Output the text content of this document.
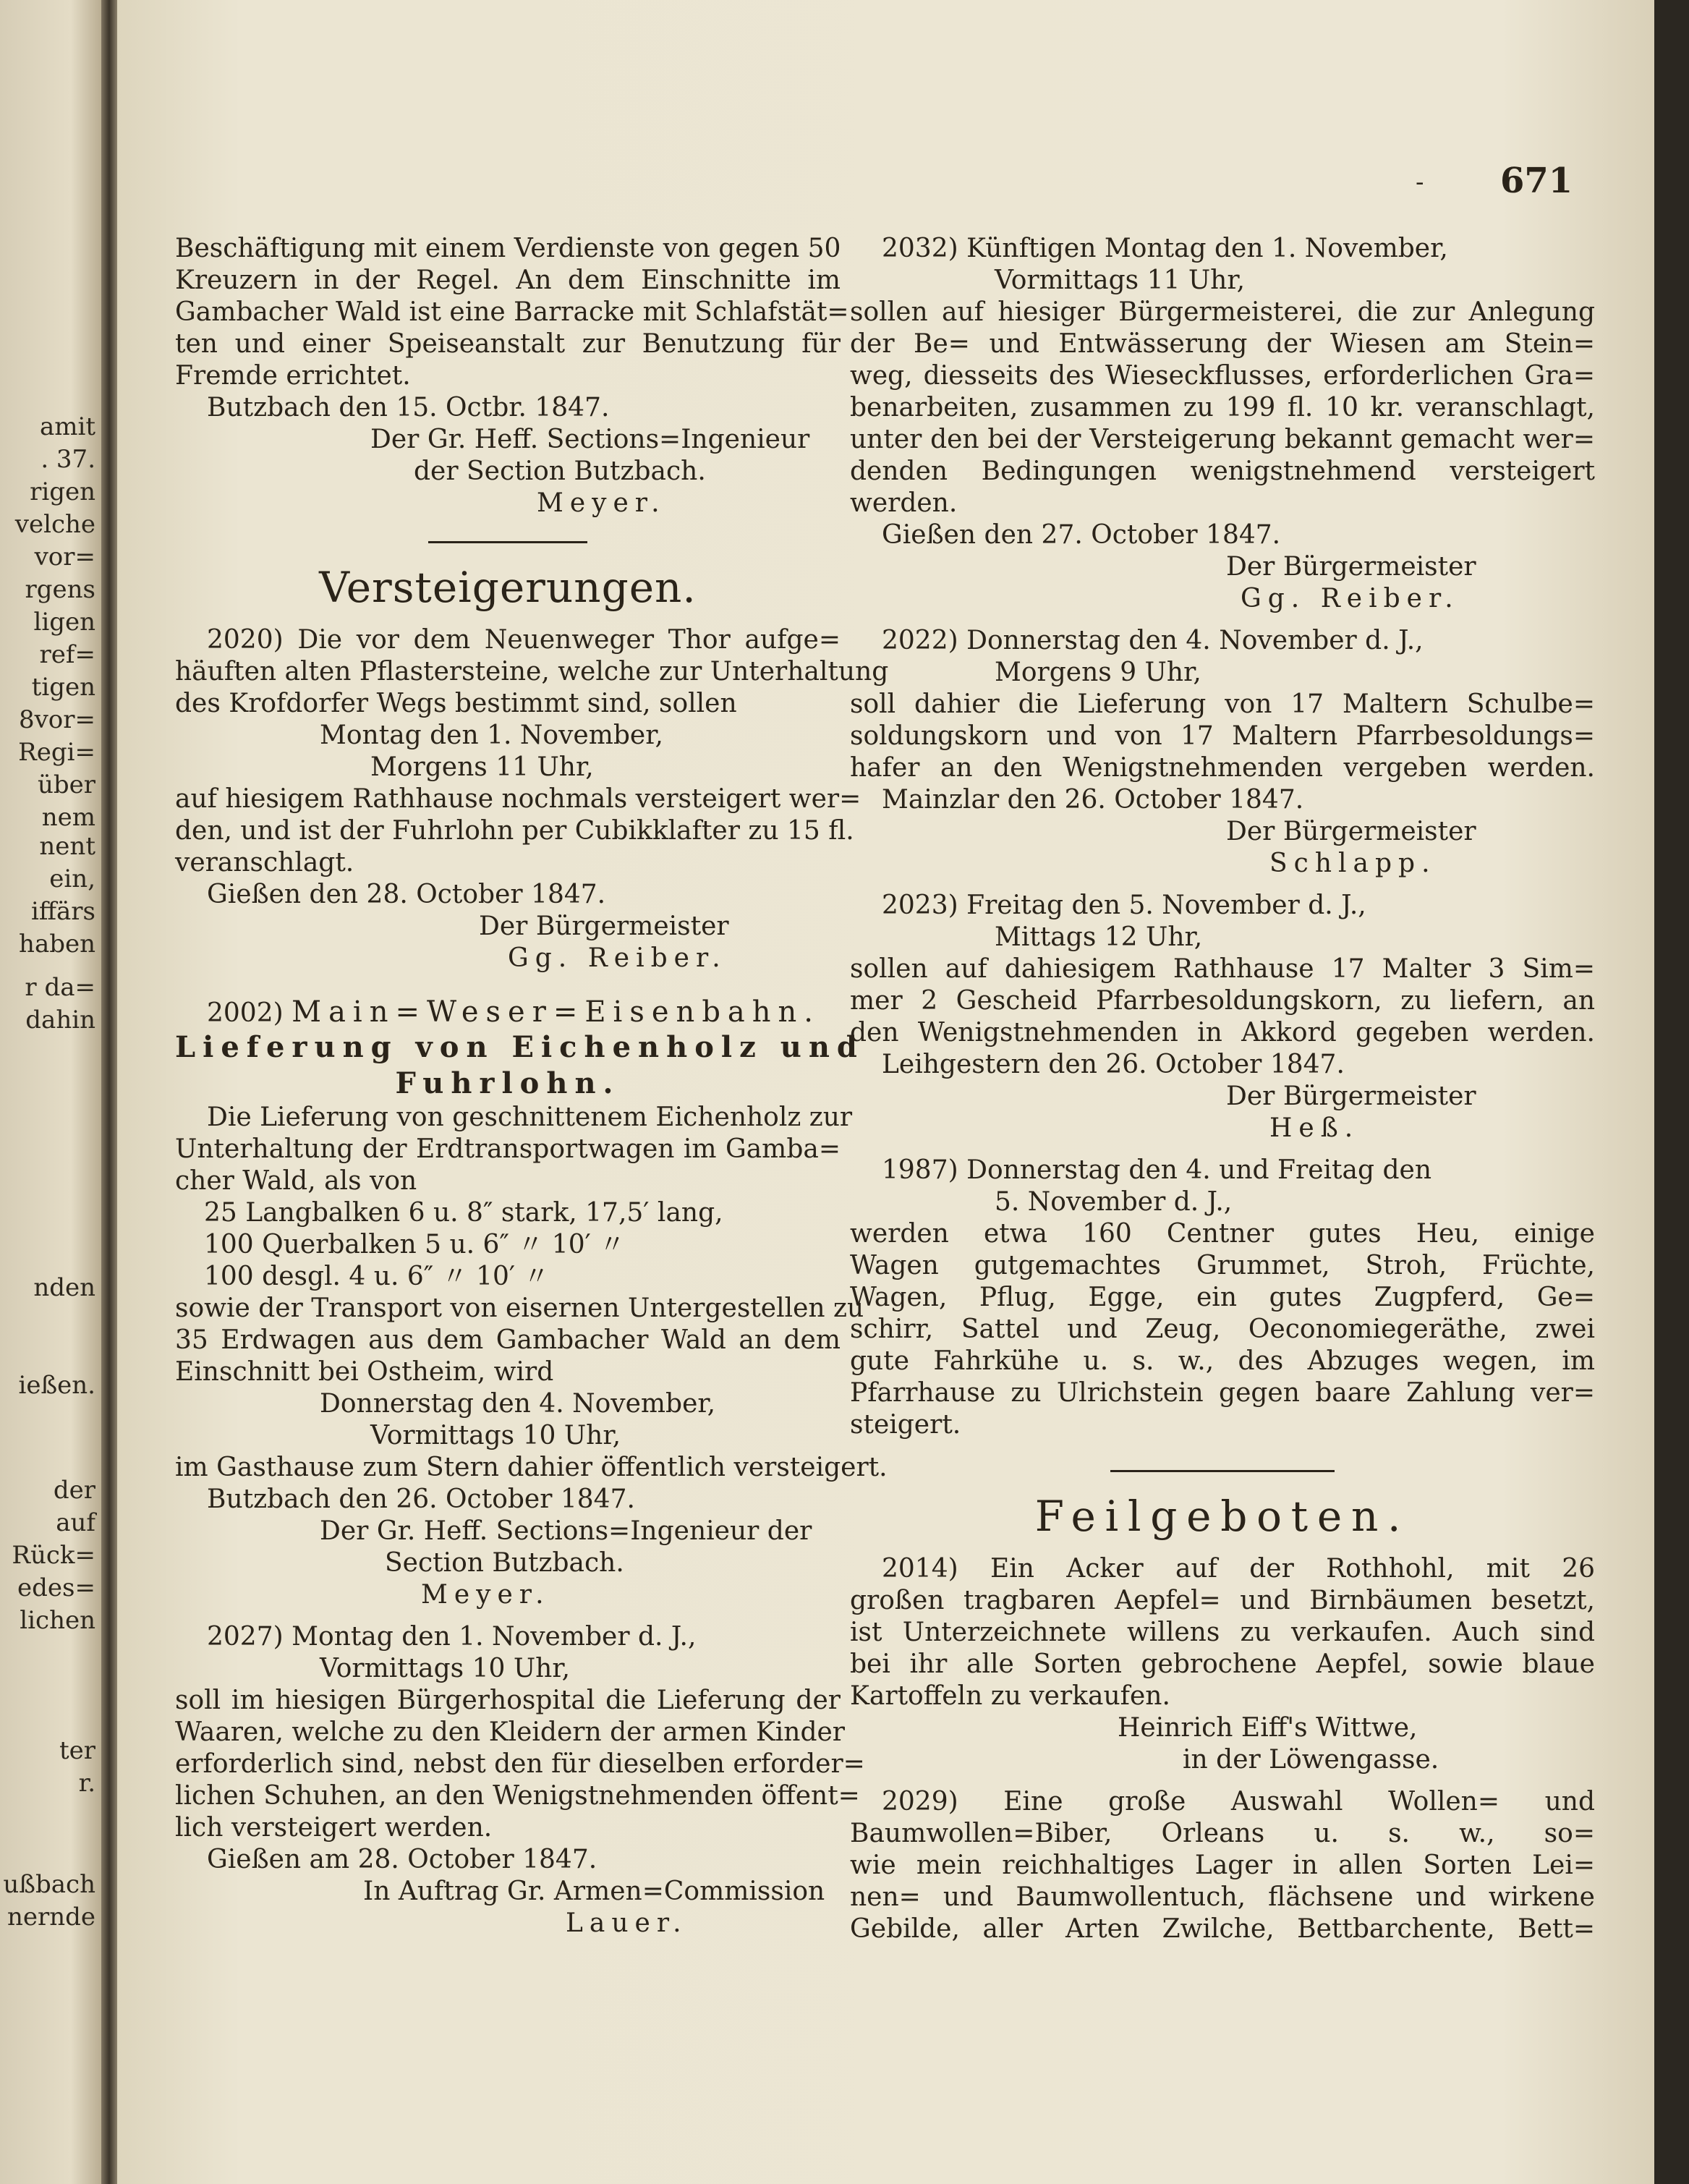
amit
. 37.
rigen
velche
vor=
rgens
ligen
ref=
tigen
8vor=
Regi=
über
nem
nent
ein,
iffärs
haben
r da=
dahin
nden
ießen.
der
auf
Rück=
edes=
lichen
ter
r.
ußbach
nernde
- 671
Beschäftigung mit einem Verdienste von gegen 50
Kreuzern in der Regel. An dem Einschnitte im
Gambacher Wald ist eine Barracke mit Schlafstät=
ten und einer Speiseanstalt zur Benutzung für
Fremde errichtet.
Butzbach den 15. Octbr. 1847.
Der Gr. Heff. Sections=Ingenieur
der Section Butzbach.
Meyer.
Versteigerungen.
2020) Die vor dem Neuenweger Thor aufge=
häuften alten Pflastersteine, welche zur Unterhaltung
des Krofdorfer Wegs bestimmt sind, sollen
Montag den 1. November,
Morgens 11 Uhr,
auf hiesigem Rathhause nochmals versteigert wer=
den, und ist der Fuhrlohn per Cubikklafter zu 15 fl.
veranschlagt.
Gießen den 28. October 1847.
Der Bürgermeister
Gg. Reiber.
2002) Main=Weser=Eisenbahn.
Lieferung von Eichenholz und
Fuhrlohn.
Die Lieferung von geschnittenem Eichenholz zur
Unterhaltung der Erdtransportwagen im Gamba=
cher Wald, als von
25 Langbalken 6 u. 8″ stark, 17,5′ lang,
100 Querbalken 5 u. 6″ 〃 10′ 〃
100 desgl. 4 u. 6″ 〃 10′ 〃
sowie der Transport von eisernen Untergestellen zu
35 Erdwagen aus dem Gambacher Wald an dem
Einschnitt bei Ostheim, wird
Donnerstag den 4. November,
Vormittags 10 Uhr,
im Gasthause zum Stern dahier öffentlich versteigert.
Butzbach den 26. October 1847.
Der Gr. Heff. Sections=Ingenieur der
Section Butzbach.
Meyer.
2027) Montag den 1. November d. J.,
Vormittags 10 Uhr,
soll im hiesigen Bürgerhospital die Lieferung der
Waaren, welche zu den Kleidern der armen Kinder
erforderlich sind, nebst den für dieselben erforder=
lichen Schuhen, an den Wenigstnehmenden öffent=
lich versteigert werden.
Gießen am 28. October 1847.
In Auftrag Gr. Armen=Commission
Lauer.
2032) Künftigen Montag den 1. November,
Vormittags 11 Uhr,
sollen auf hiesiger Bürgermeisterei, die zur Anlegung
der Be= und Entwässerung der Wiesen am Stein=
weg, diesseits des Wieseckflusses, erforderlichen Gra=
benarbeiten, zusammen zu 199 fl. 10 kr. veranschlagt,
unter den bei der Versteigerung bekannt gemacht wer=
denden Bedingungen wenigstnehmend versteigert
werden.
Gießen den 27. October 1847.
Der Bürgermeister
Gg. Reiber.
2022) Donnerstag den 4. November d. J.,
Morgens 9 Uhr,
soll dahier die Lieferung von 17 Maltern Schulbe=
soldungskorn und von 17 Maltern Pfarrbesoldungs=
hafer an den Wenigstnehmenden vergeben werden.
Mainzlar den 26. October 1847.
Der Bürgermeister
Schlapp.
2023) Freitag den 5. November d. J.,
Mittags 12 Uhr,
sollen auf dahiesigem Rathhause 17 Malter 3 Sim=
mer 2 Gescheid Pfarrbesoldungskorn, zu liefern, an
den Wenigstnehmenden in Akkord gegeben werden.
Leihgestern den 26. October 1847.
Der Bürgermeister
Heß.
1987) Donnerstag den 4. und Freitag den
5. November d. J.,
werden etwa 160 Centner gutes Heu, einige
Wagen gutgemachtes Grummet, Stroh, Früchte,
Wagen, Pflug, Egge, ein gutes Zugpferd, Ge=
schirr, Sattel und Zeug, Oeconomiegeräthe, zwei
gute Fahrkühe u. s. w., des Abzuges wegen, im
Pfarrhause zu Ulrichstein gegen baare Zahlung ver=
steigert.
Feilgeboten.
2014) Ein Acker auf der Rothhohl, mit 26
großen tragbaren Aepfel= und Birnbäumen besetzt,
ist Unterzeichnete willens zu verkaufen. Auch sind
bei ihr alle Sorten gebrochene Aepfel, sowie blaue
Kartoffeln zu verkaufen.
Heinrich Eiff's Wittwe,
in der Löwengasse.
2029) Eine große Auswahl Wollen= und
Baumwollen=Biber, Orleans u. s. w., so=
wie mein reichhaltiges Lager in allen Sorten Lei=
nen= und Baumwollentuch, flächsene und wirkene
Gebilde, aller Arten Zwilche, Bettbarchente, Bett=
